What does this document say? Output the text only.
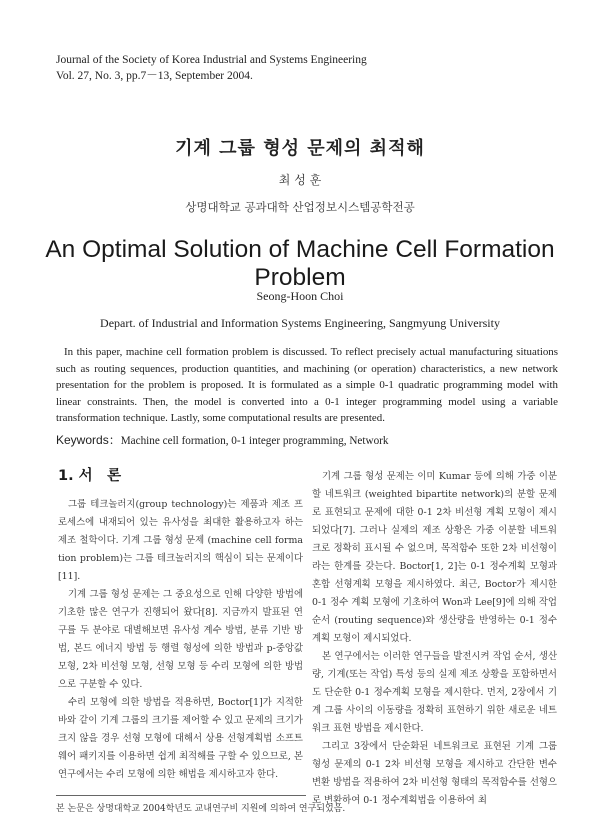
Journal of the Society of Korea Industrial and Systems Engineering
Vol. 27, No. 3, pp.7－13, September 2004.
기계 그룹 형성 문제의 최적해
최 성 훈
상명대학교 공과대학 산업정보시스템공학전공
An Optimal Solution of Machine Cell Formation Problem
Seong-Hoon Choi
Depart. of Industrial and Information Systems Engineering, Sangmyung University

In this paper, machine cell formation problem is discussed. To reflect precisely actual manufacturing situations such as routing sequences, production quantities, and machining (or operation) characteristics, a new network presentation for the problem is proposed. It is formulated as a simple 0-1 quadratic programming model with linear constraints. Then, the model is converted into a 0-1 integer programming model using a variable transformation technique. Lastly, some computational results are presented.

Keywords：Machine cell formation, 0-1 integer programming, Network
1. 서　론

그룹 테크놀러지(group technology)는 제품과 제조 프로세스에 내재되어 있는 유사성을 최대한 활용하고자 하는 제조 철학이다. 기계 그룹 형성 문제 (machine cell formation problem)는 그룹 테크놀러지의 핵심이 되는 문제이다[11].

기계 그룹 형성 문제는 그 중요성으로 인해 다양한 방법에 기초한 많은 연구가 진행되어 왔다[8]. 지금까지 발표된 연구를 두 분야로 대별해보면 유사성 계수 방법, 분류 기반 방법, 본드 에너지 방법 등 행렬 형성에 의한 방법과 p-중앙값 모형, 2차 비선형 모형, 선형 모형 등 수리 모형에 의한 방법으로 구분할 수 있다.

수리 모형에 의한 방법을 적용하면, Boctor[1]가 지적한 바와 같이 기계 그룹의 크기를 제어할 수 있고 문제의 크기가 크지 않을 경우 선형 모형에 대해서 상용 선형계획법 소프트웨어 패키지를 이용하면 쉽게 최적해를 구할 수 있으므로, 본 연구에서는 수리 모형에 의한 해법을 제시하고자 한다.

기계 그룹 형성 문제는 이미 Kumar 등에 의해 가중 이분할 네트워크 (weighted bipartite network)의 분할 문제로 표현되고 문제에 대한 0-1 2차 비선형 계획 모형이 제시되었다[7]. 그러나 실제의 제조 상황은 가중 이분할 네트워크로 정확히 표시될 수 없으며, 목적함수 또한 2차 비선형이라는 한계를 갖는다. Boctor[1, 2]는 0-1 정수계획 모형과 혼합 선형계획 모형을 제시하였다. 최근, Boctor가 제시한 0-1 정수 계획 모형에 기초하여 Won과 Lee[9]에 의해 작업 순서 (routing sequence)와 생산량을 반영하는 0-1 정수계획 모형이 제시되었다.

본 연구에서는 이러한 연구들을 발전시켜 작업 순서, 생산량, 기계(또는 작업) 특성 등의 실제 제조 상황을 포함하면서도 단순한 0-1 정수계획 모형을 제시한다. 먼저, 2장에서 기계 그룹 사이의 이동량을 정확히 표현하기 위한 새로운 네트워크 표현 방법을 제시한다.

그리고 3장에서 단순화된 네트워크로 표현된 기계 그룹 형성 문제의 0-1 2차 비선형 모형을 제시하고 간단한 변수 변환 방법을 적용하여 2차 비선형 형태의 목적함수를 선형으로 변환하여 0-1 정수계획법을 이용하여 최

본 논문은 상명대학교 2004학년도 교내연구비 지원에 의하여 연구되었음.
